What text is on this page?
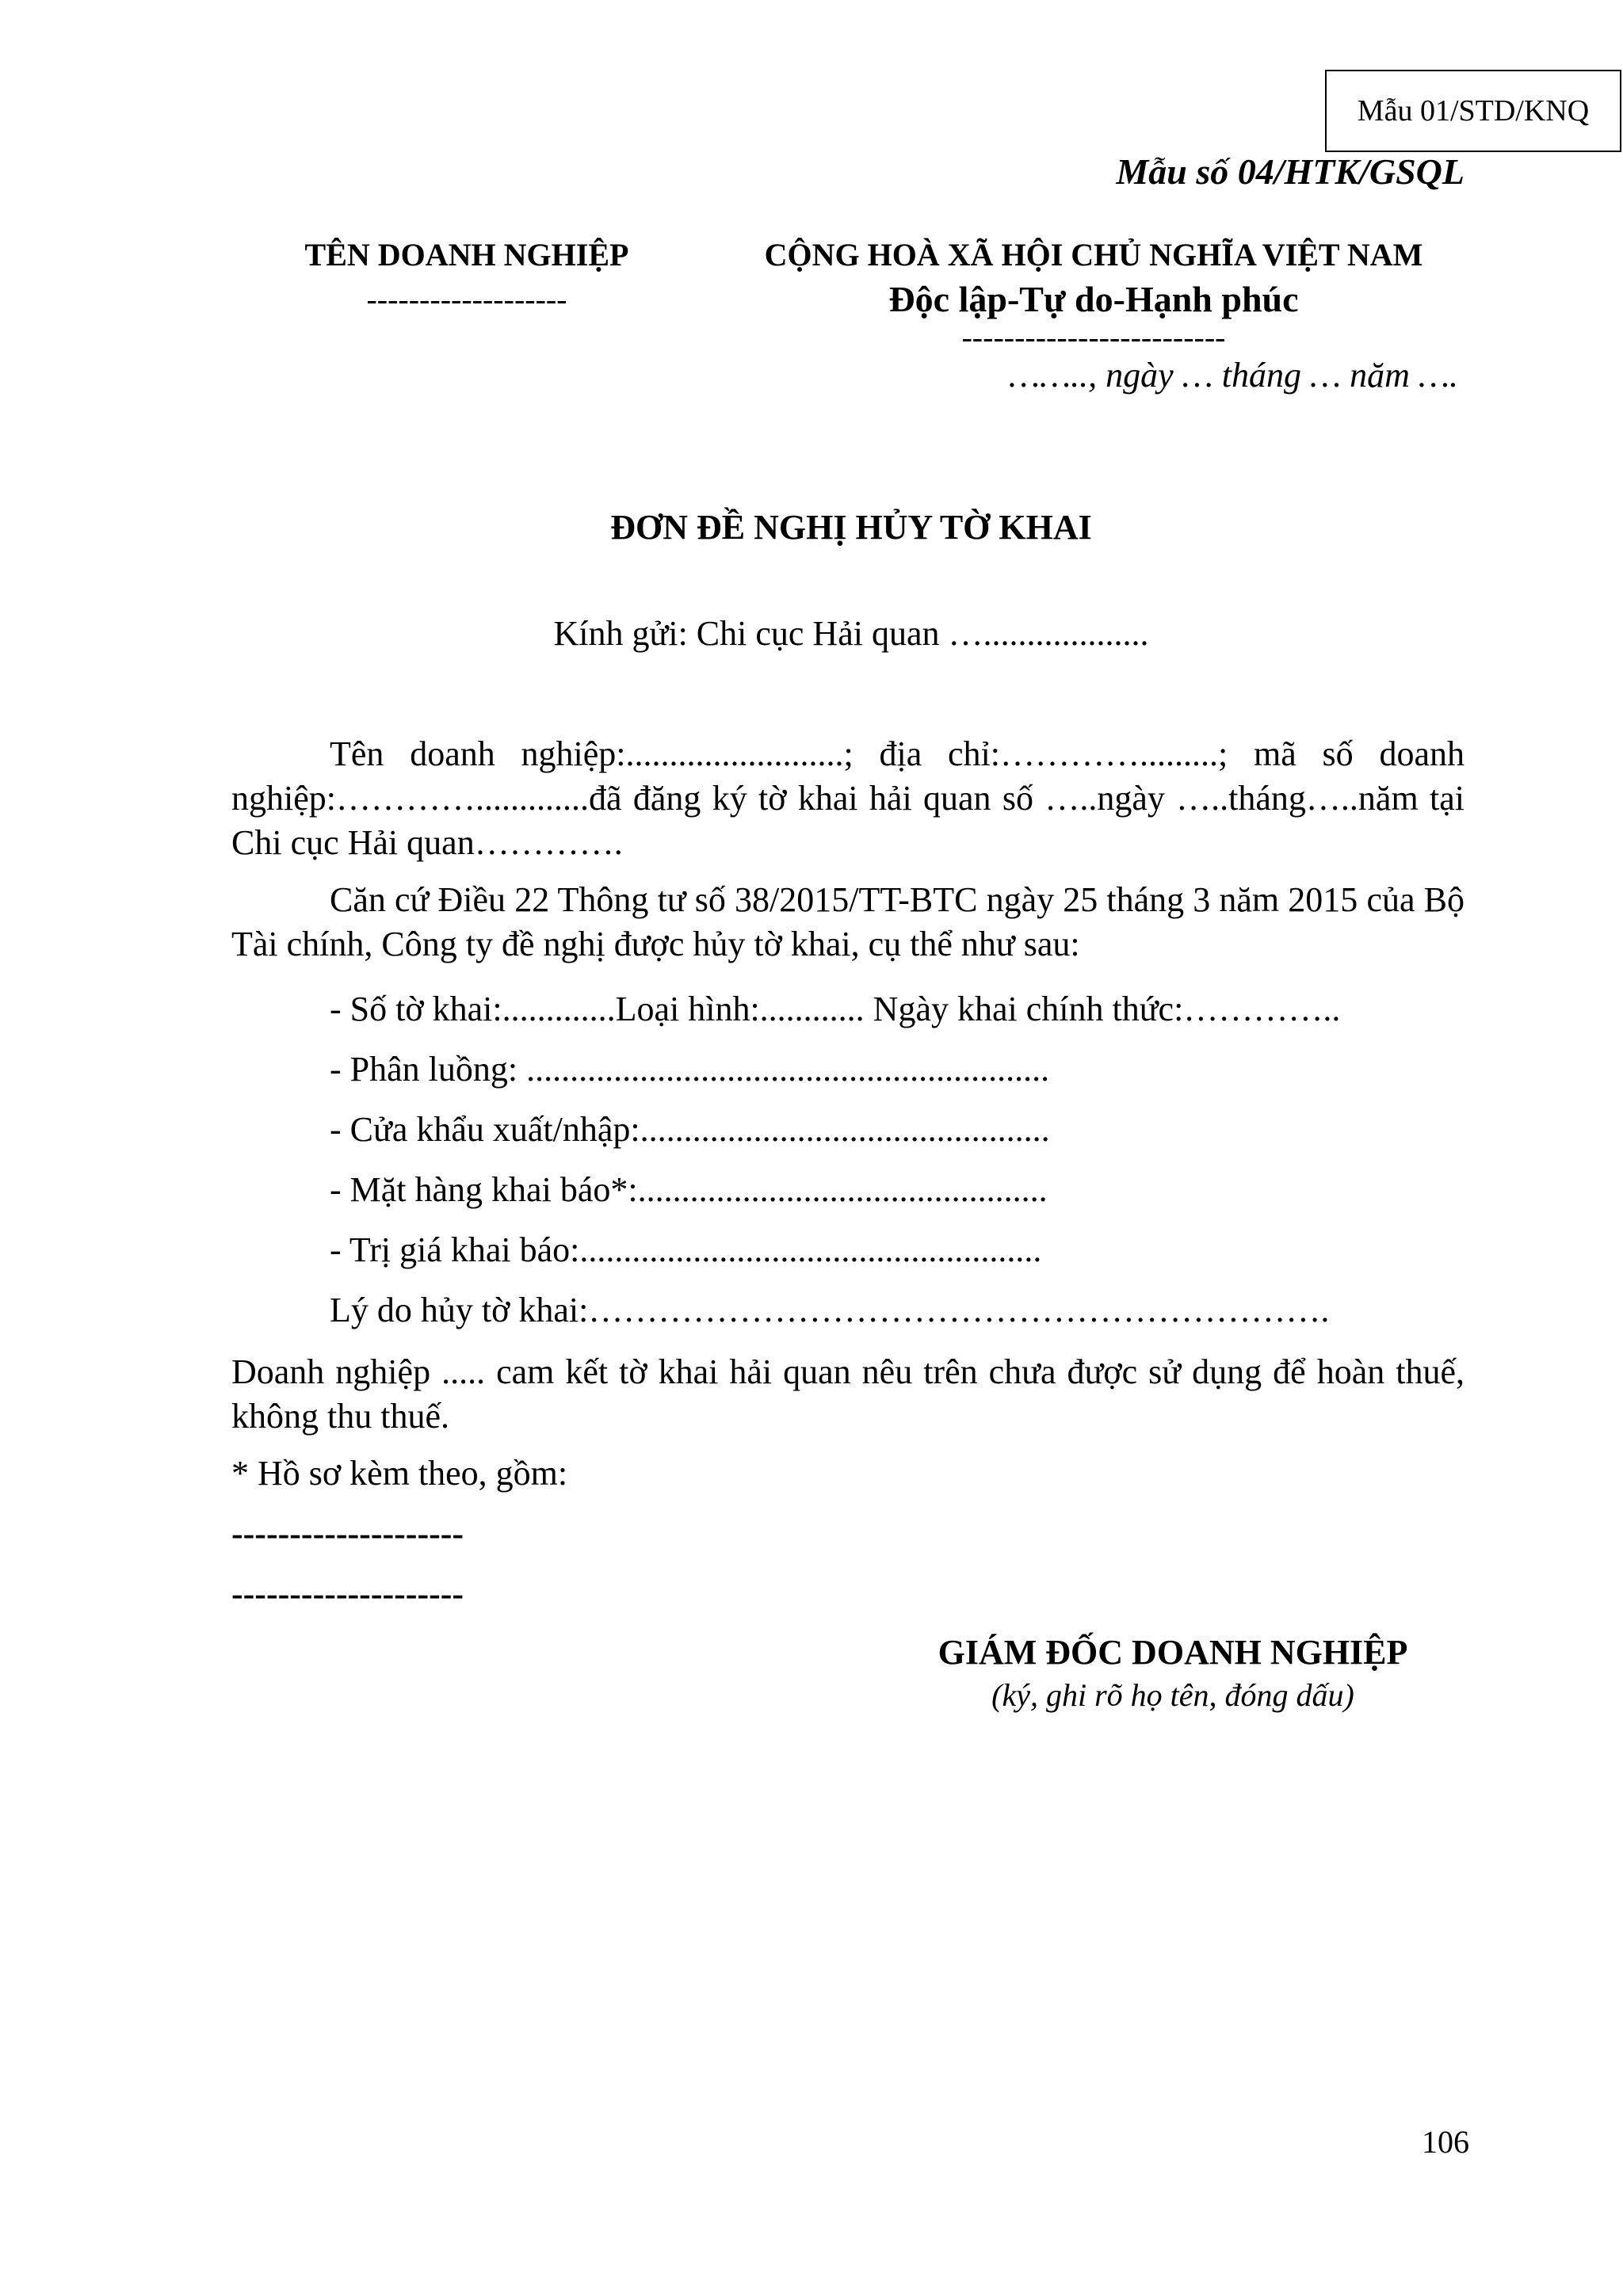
Mẫu 01/STD/KNQ
Mẫu số 04/HTK/GSQL
TÊN DOANH NGHIỆP
-------------------
CỘNG HOÀ XÃ HỘI CHỦ NGHĨA VIỆT NAM
Độc lập-Tự do-Hạnh phúc
-------------------------
…….., ngày … tháng … năm ….
ĐƠN ĐỀ NGHỊ HỦY TỜ KHAI
Kính gửi: Chi cục Hải quan …...................
Tên doanh nghiệp:.........................; địa chỉ:………….........; mã số doanh nghiệp:………….............đã đăng ký tờ khai hải quan số …..ngày …..tháng…..năm tại Chi cục Hải quan………….
Căn cứ Điều 22 Thông tư số 38/2015/TT-BTC ngày 25 tháng 3 năm 2015 của Bộ Tài chính, Công ty đề nghị được hủy tờ khai, cụ thể như sau:
- Số tờ khai:.............Loại hình:............ Ngày khai chính thức:…………..
- Phân luồng: ............................................................
- Cửa khẩu xuất/nhập:...............................................
- Mặt hàng khai báo*:...............................................
- Trị giá khai báo:.....................................................
Lý do hủy tờ khai:……………………………………………………….
Doanh nghiệp ..... cam kết tờ khai hải quan nêu trên chưa được sử dụng để hoàn thuế, không thu thuế.
* Hồ sơ kèm theo, gồm:
--------------------
--------------------
GIÁM ĐỐC DOANH NGHIỆP
(ký, ghi rõ họ tên, đóng dấu)
106
